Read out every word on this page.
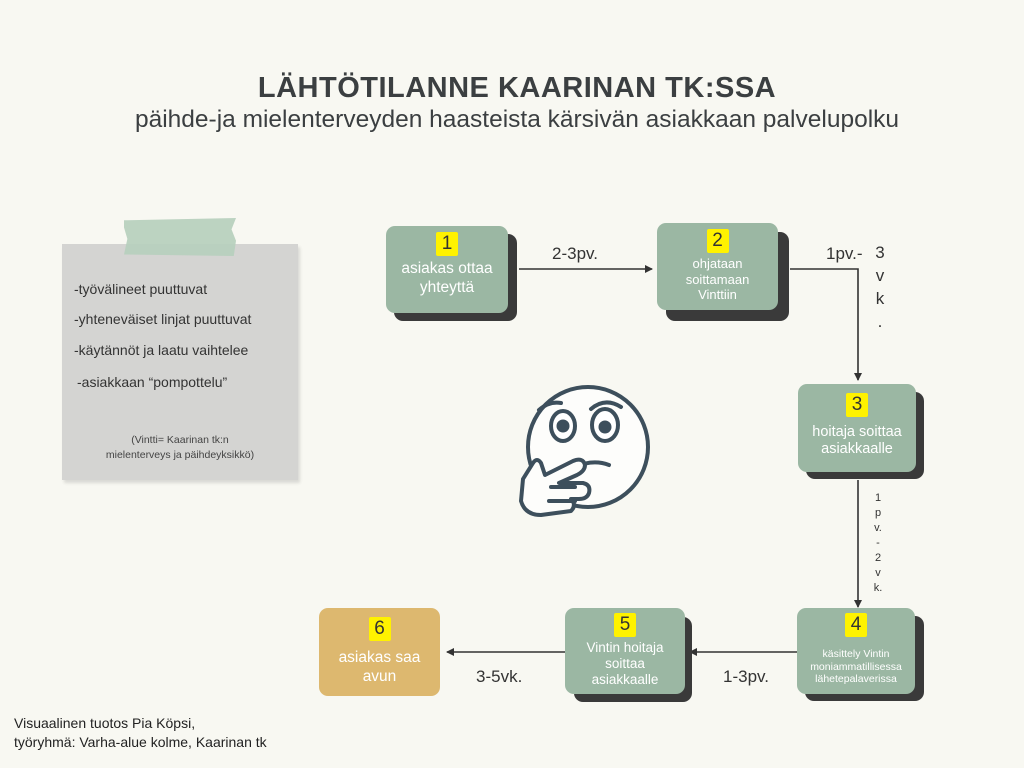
LÄHTÖTILANNE KAARINAN TK:SSA
päihde-ja mielenterveyden haasteista kärsivän asiakkaan palvelupolku
-työvälineet puuttuvat
-yhteneväiset linjat puuttuvat
-käytännöt ja laatu vaihtelee
-asiakkaan “pompottelu”
(Vintti= Kaarinan tk:n
mielenterveys ja päihdeyksikkö)
1
asiakas ottaa yhteyttä
2
ohjataan soittamaan Vinttiin
3
hoitaja soittaa asiakkaalle
4
käsittely Vintin moniammatillisessa lähetepalaverissa
5
Vintin hoitaja soittaa asiakkaalle
6
asiakas saa avun
2-3pv.	1pv.- 3
v
k
.
1
p
v.
-
2
v
k.
1-3pv.
3-5vk.
Visuaalinen tuotos Pia Köpsi,
työryhmä: Varha-alue kolme, Kaarinan tk
